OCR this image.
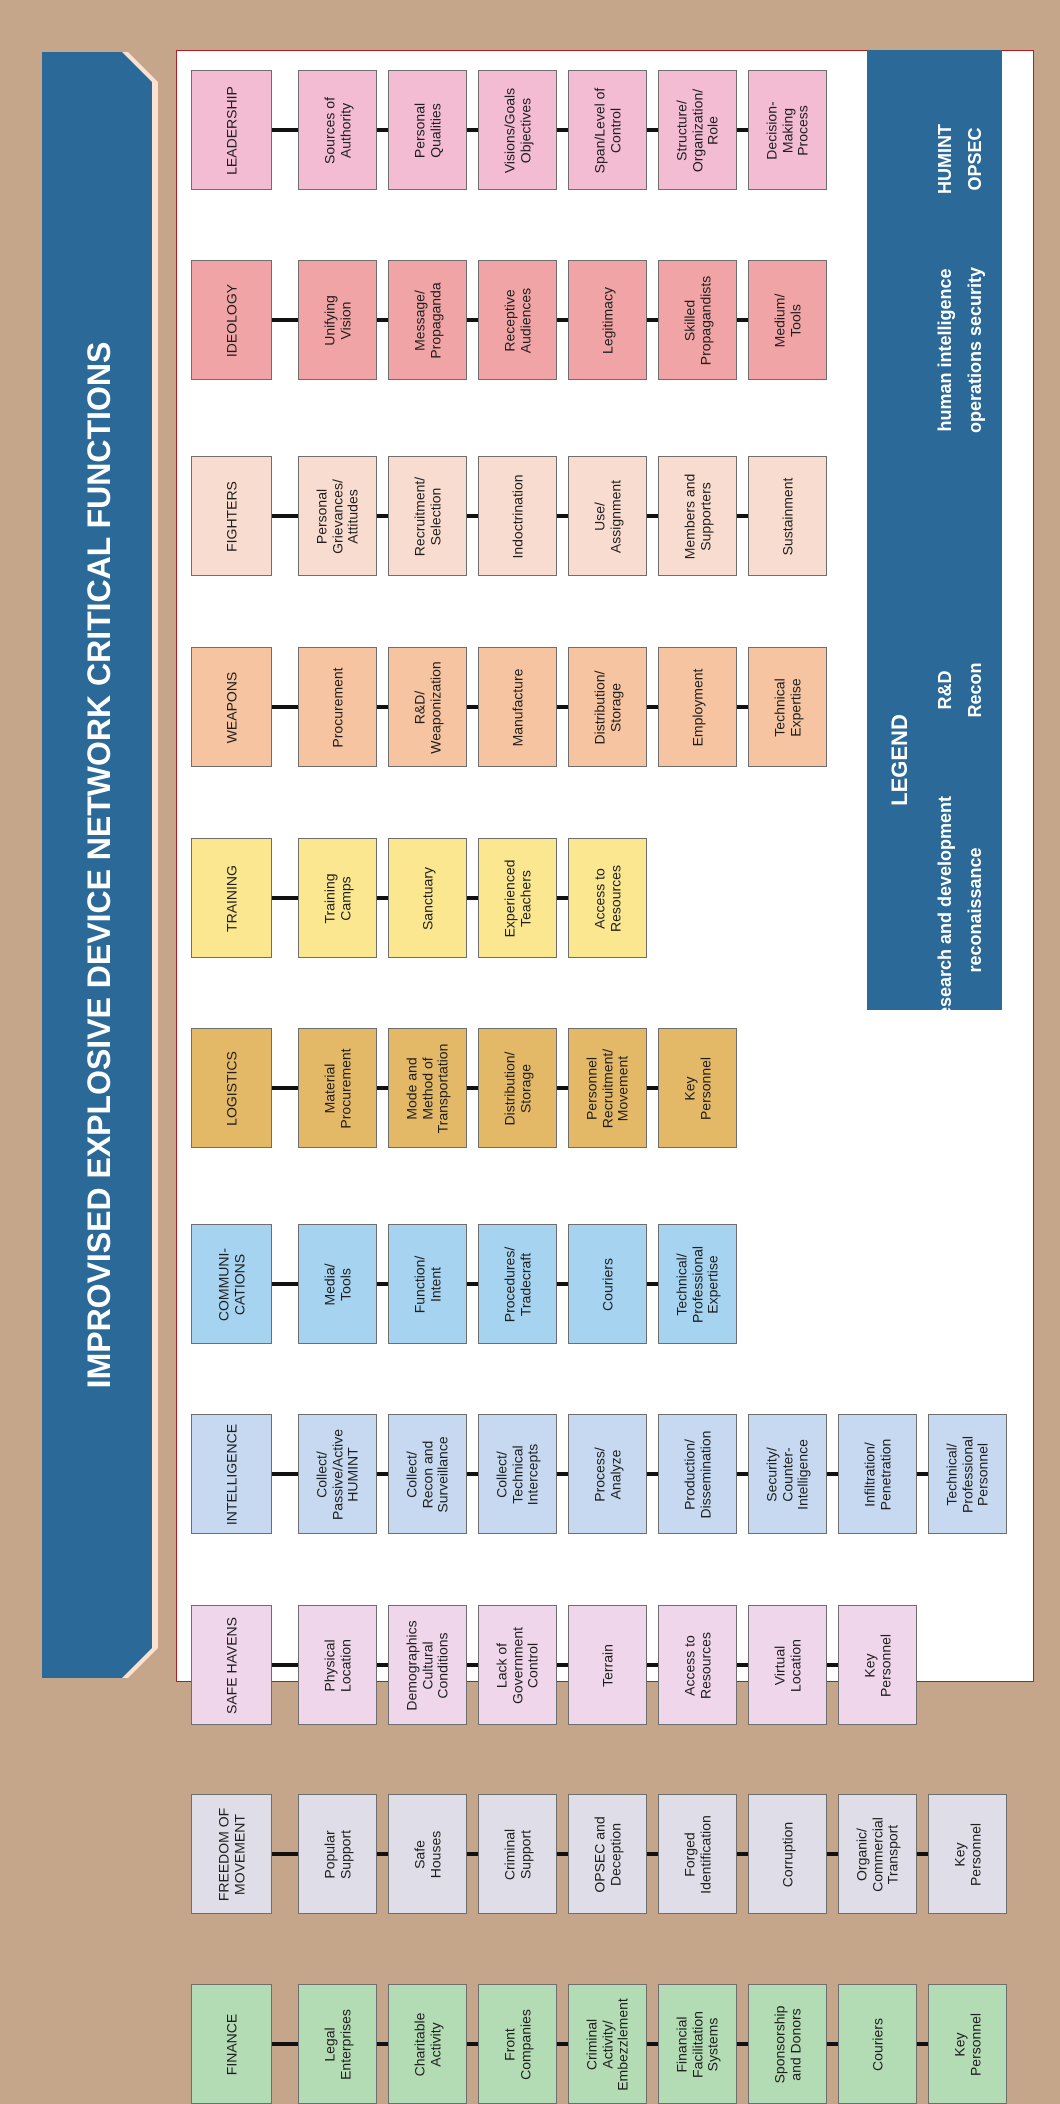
IMPROVISED EXPLOSIVE DEVICE NETWORK CRITICAL FUNCTIONS
LEADERSHIP	Sources of
Authority	Personal
Qualities	Visions/Goals
Objectives	Span/Level of
Control	Structure/
Organization/
Role	Decision-
Making
Process
IDEOLOGY	Unifying
Vision	Message/
Propaganda	Receptive
Audiences	Legitimacy	Skilled
Propagandists	Medium/
Tools
FIGHTERS	Personal
Grievances/
Attitudes	Recruitment/
Selection	Indoctrination	Use/
Assignment	Members and
Supporters	Sustainment
WEAPONS	Procurement	R&D/
Weaponization	Manufacture	Distribution/
Storage	Employment	Technical
Expertise
TRAINING	Training
Camps	Sanctuary	Experienced
Teachers	Access to
Resources
LOGISTICS	Material
Procurement	Mode and
Method of
Transportation	Distribution/
Storage	Personnel
Recruitment/
Movement	Key
Personnel
COMMUNI-
CATIONS	Media/
Tools	Function/
Intent	Procedures/
Tradecraft	Couriers	Technical/
Professional
Expertise
INTELLIGENCE	Collect/
Passive/Active
HUMINT	Collect/
Recon and
Surveillance	Collect/
Technical
Intercepts	Process/
Analyze	Production/
Dissemination	Security/
Counter-
Intelligence	Infiltration/
Penetration	Technical/
Professional
Personnel
SAFE HAVENS	Physical
Location	Demographics
Cultural
Conditions	Lack of
Government
Control	Terrain	Access to
Resources	Virtual
Location	Key
Personnel
FREEDOM OF
MOVEMENT	Popular
Support	Safe
Houses	Criminal
Support	OPSEC and
Deception	Forged
Identification	Corruption	Organic/
Commercial
Transport	Key
Personnel
FINANCE	Legal
Enterprises	Charitable
Activity	Front
Companies	Criminal
Activity/
Embezzlement	Financial
Facilitation
Systems	Sponsorship
and Donors	Couriers	Key
Personnel
LEGEND
HUMINT OPSEC
human intelligence operations security
R&D Recon
research and development reconaissance
